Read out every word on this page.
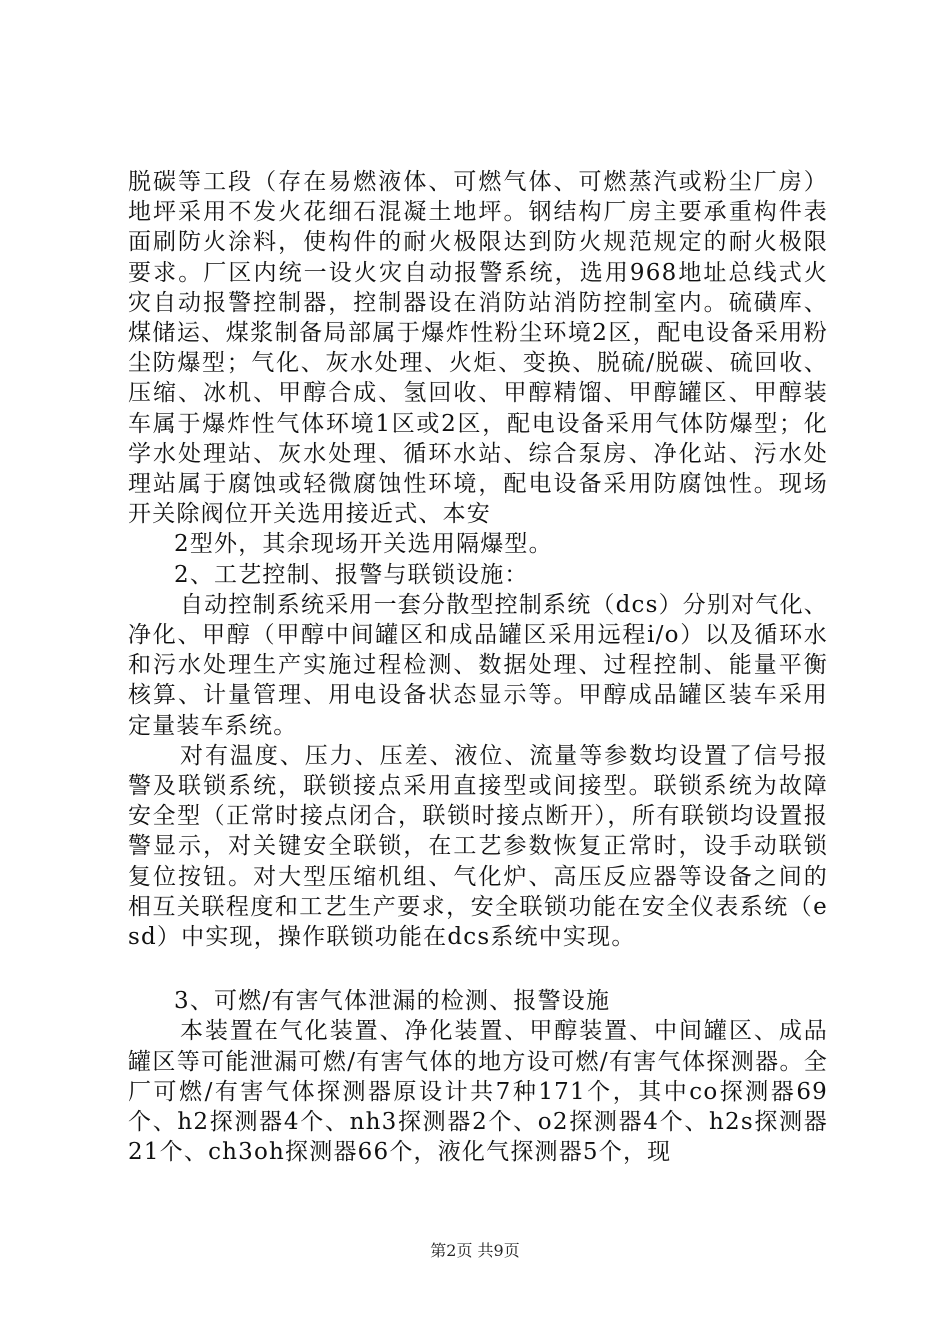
脱碳等工段（存在易燃液体、可燃气体、可燃蒸汽或粉尘厂房）地坪采用不发火花细石混凝土地坪。钢结构厂房主要承重构件表面刷防火涂料，使构件的耐火极限达到防火规范规定的耐火极限要求。厂区内统一设火灾自动报警系统，选用968地址总线式火灾自动报警控制器，控制器设在消防站消防控制室内。硫磺库、煤储运、煤浆制备局部属于爆炸性粉尘环境2区，配电设备采用粉尘防爆型；气化、灰水处理、火炬、变换、脱硫/脱碳、硫回收、压缩、冰机、甲醇合成、氢回收、甲醇精馏、甲醇罐区、甲醇装车属于爆炸性气体环境1区或2区，配电设备采用气体防爆型；化学水处理站、灰水处理、循环水站、综合泵房、净化站、污水处理站属于腐蚀或轻微腐蚀性环境，配电设备采用防腐蚀性。现场开关除阀位开关选用接近式、本安

2型外，其余现场开关选用隔爆型。

2、工艺控制、报警与联锁设施：

自动控制系统采用一套分散型控制系统（dcs）分别对气化、净化、甲醇（甲醇中间罐区和成品罐区采用远程i/o）以及循环水和污水处理生产实施过程检测、数据处理、过程控制、能量平衡核算、计量管理、用电设备状态显示等。甲醇成品罐区装车采用定量装车系统。

对有温度、压力、压差、液位、流量等参数均设置了信号报警及联锁系统，联锁接点采用直接型或间接型。联锁系统为故障安全型（正常时接点闭合，联锁时接点断开），所有联锁均设置报警显示，对关键安全联锁，在工艺参数恢复正常时，设手动联锁复位按钮。对大型压缩机组、气化炉、高压反应器等设备之间的相互关联程度和工艺生产要求，安全联锁功能在安全仪表系统（esd）中实现，操作联锁功能在dcs系统中实现。

3、可燃/有害气体泄漏的检测、报警设施

本装置在气化装置、净化装置、甲醇装置、中间罐区、成品罐区等可能泄漏可燃/有害气体的地方设可燃/有害气体探测器。全厂可燃/有害气体探测器原设计共7种171个，其中co探测器69个、h2探测器4个、nh3探测器2个、o2探测器4个、h2s探测器21个、ch3oh探测器66个，液化气探测器5个，现

第2页 共9页
